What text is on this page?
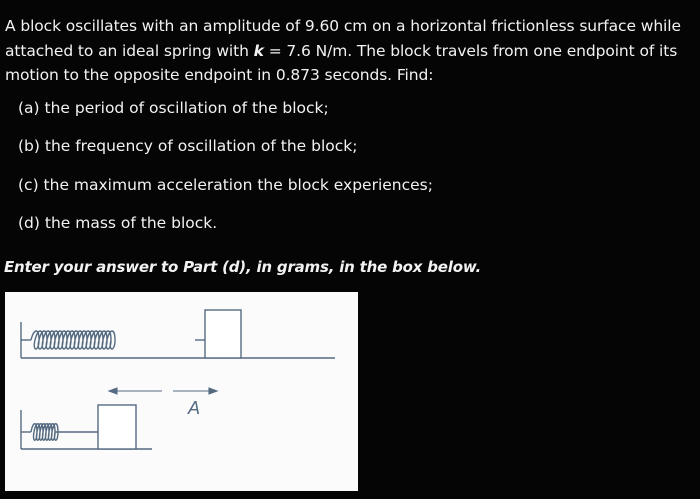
A block oscillates with an amplitude of 9.60 cm on a horizontal frictionless surface while attached to an ideal spring with k = 7.6 N/m. The block travels from one endpoint of its motion to the opposite endpoint in 0.873 seconds. Find:

(a) the period of oscillation of the block;
(b) the frequency of oscillation of the block;
(c) the maximum acceleration the block experiences;
(d) the mass of the block.
Enter your answer to Part (d), in grams, in the box below.
A
